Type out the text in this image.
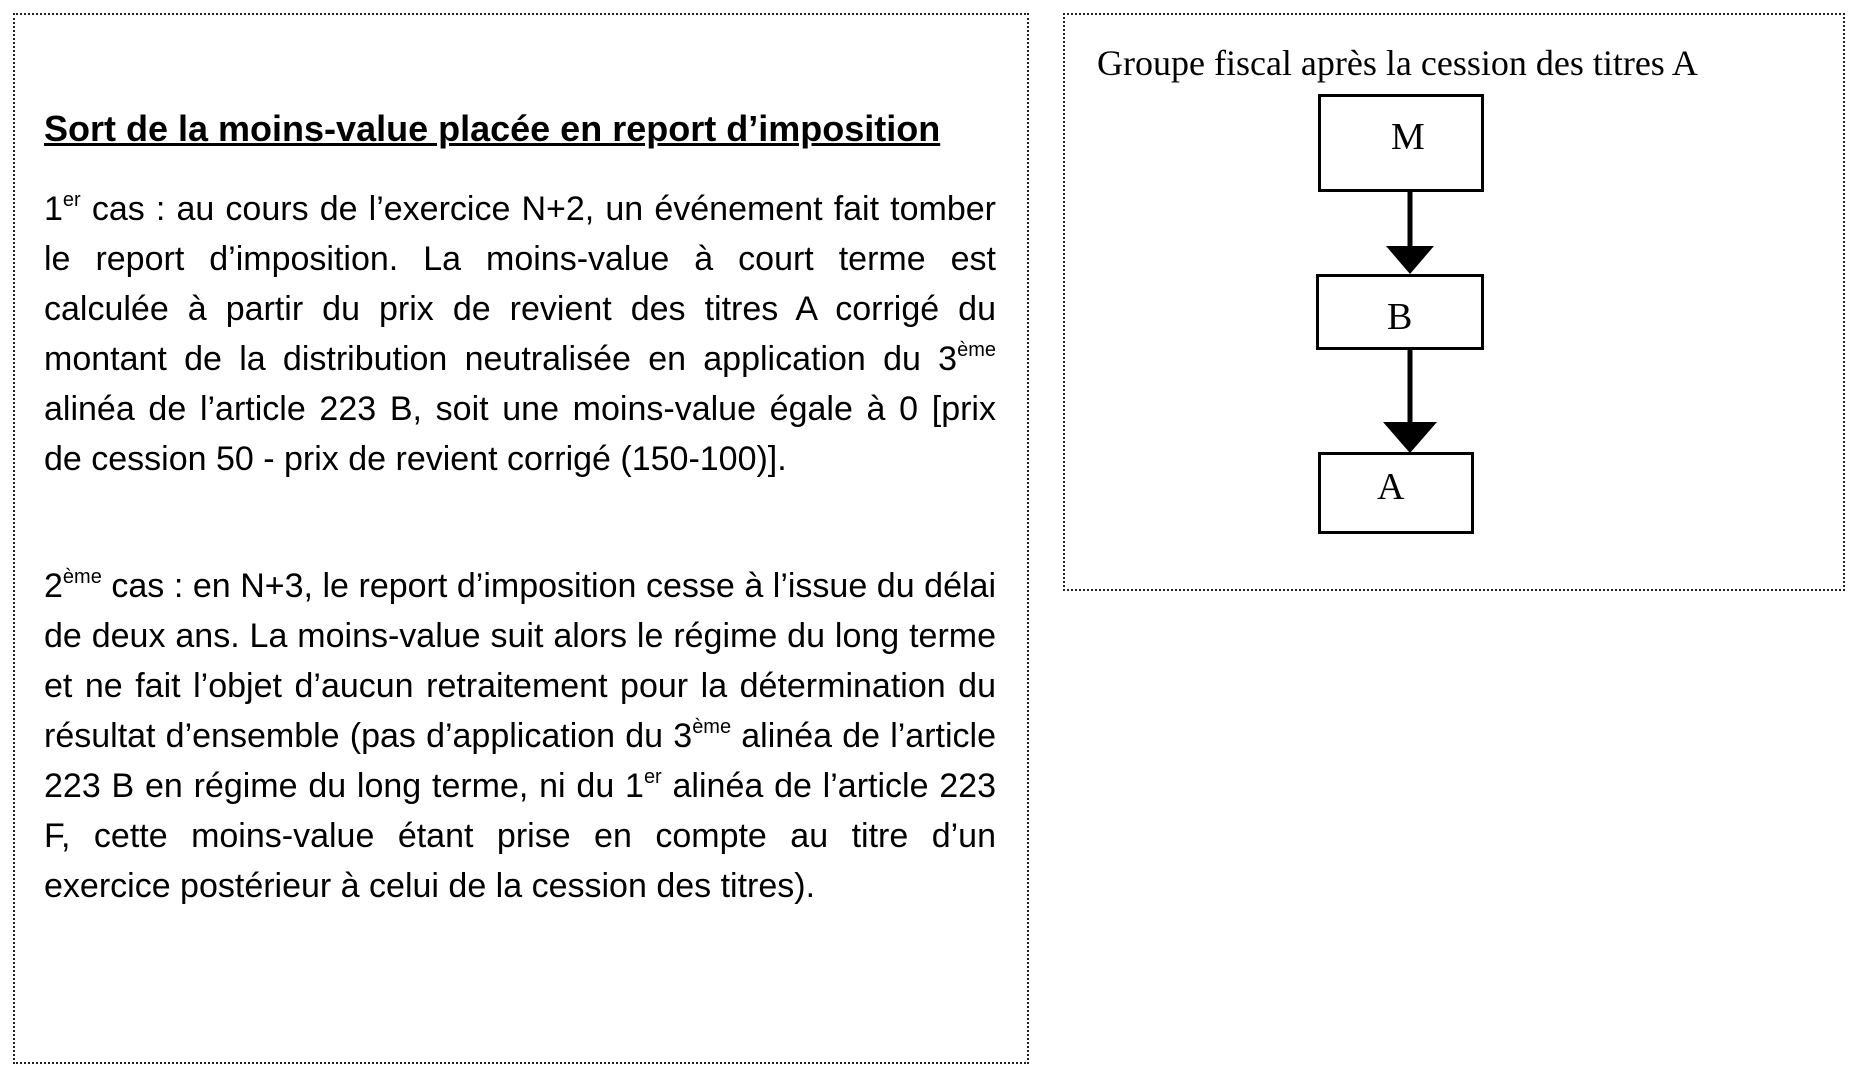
Sort de la moins-value placée en report d’imposition

1er cas : au cours de l’exercice N+2, un événement fait tomber le report d’imposition. La moins-value à court terme est calculée à partir du prix de revient des titres A corrigé du montant de la distribution neutralisée en application du 3ème alinéa de l’article 223 B, soit une moins-value égale à 0 [prix de cession 50 - prix de revient corrigé (150-100)].

2ème cas : en N+3, le report d’imposition cesse à l’issue du délai de deux ans. La moins-value suit alors le régime du long terme et ne fait l’objet d’aucun retraitement pour la détermination du résultat d’ensemble (pas d’application du 3ème alinéa de l’article 223 B en régime du long terme, ni du 1er alinéa de l’article 223 F, cette moins-value étant prise en compte au titre d’un exercice postérieur à celui de la cession des titres).

Groupe fiscal après la cession des titres A

M
B
A
